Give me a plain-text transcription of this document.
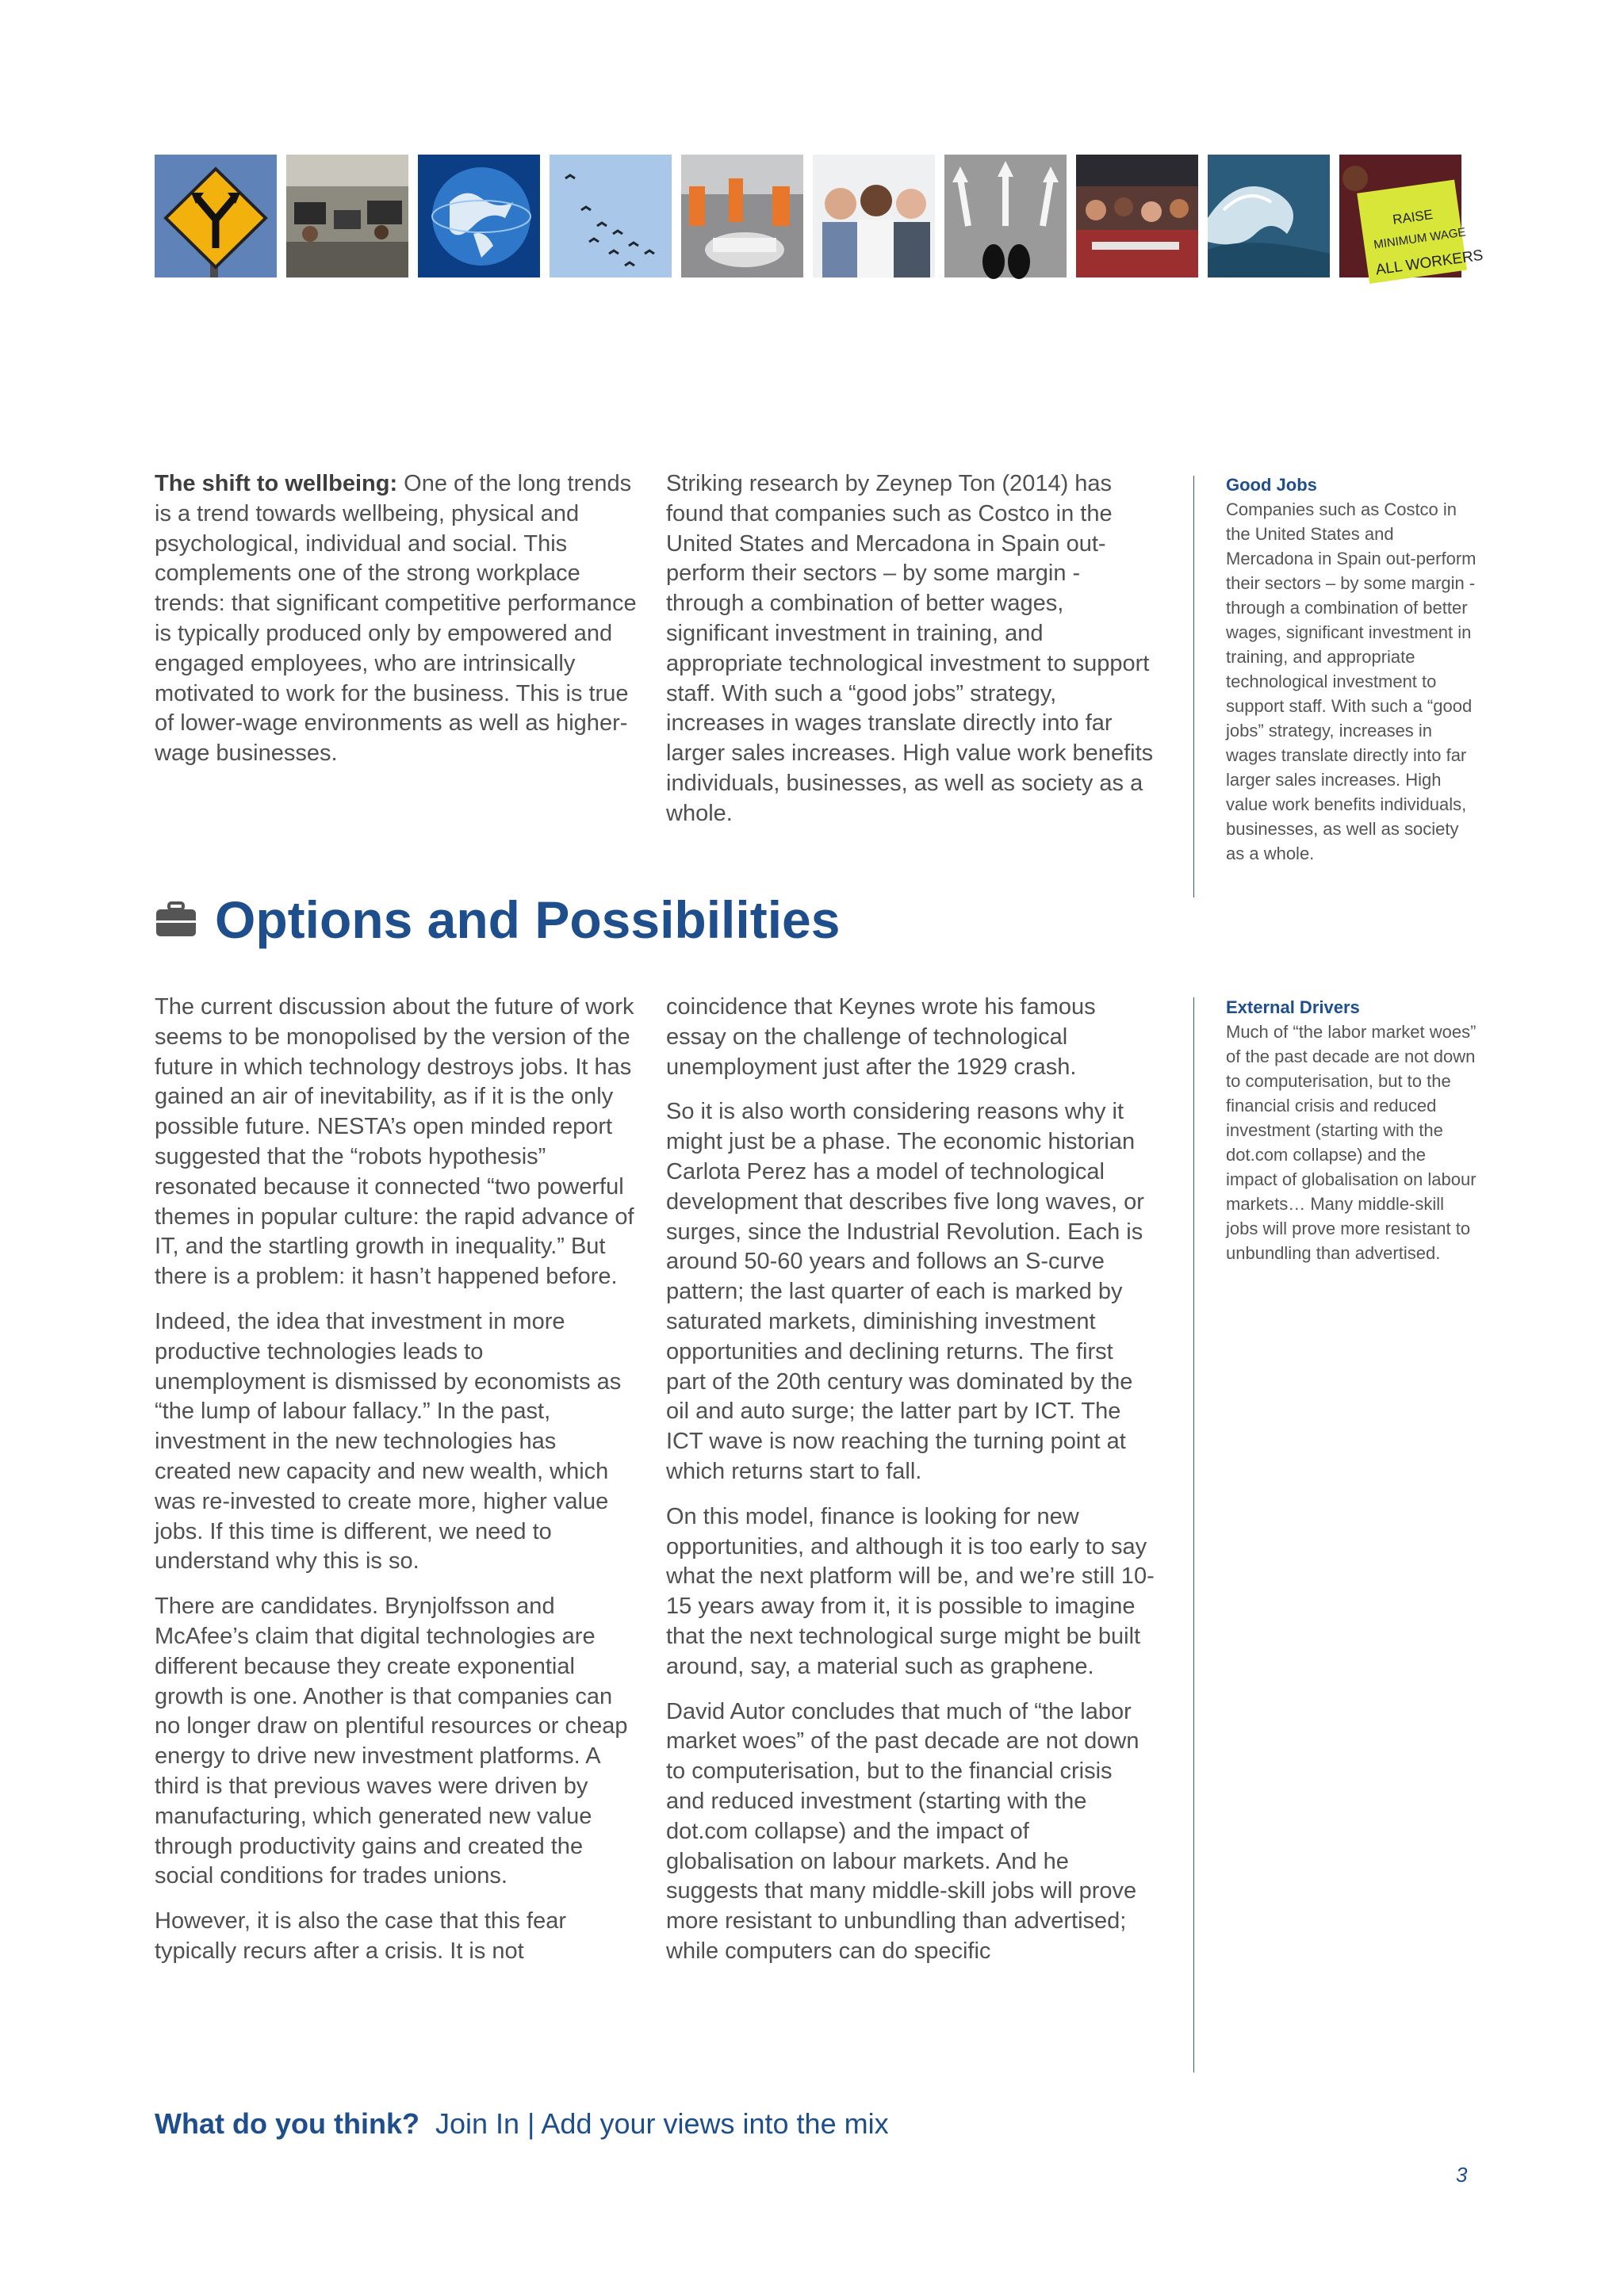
RAISE
MINIMUM WAGE
ALL WORKERS

The shift to wellbeing: One of the long trends is a trend towards wellbeing, physical and psychological, individual and social. This complements one of the strong workplace trends: that significant competitive performance is typically produced only by empowered and engaged employees, who are intrinsically motivated to work for the business. This is true of lower-wage environments as well as higher-wage businesses.

Striking research by Zeynep Ton (2014) has found that companies such as Costco in the United States and Mercadona in Spain out-perform their sectors – by some margin - through a combination of better wages, significant investment in training, and appropriate technological investment to support staff. With such a “good jobs” strategy, increases in wages translate directly into far larger sales increases. High value work benefits individuals, businesses, as well as society as a whole.

Good Jobs
Companies such as Costco in the United States and Mercadona in Spain out-perform their sectors – by some margin - through a combination of better wages, significant investment in training, and appropriate technological investment to support staff. With such a “good jobs” strategy, increases in wages translate directly into far larger sales increases. High value work benefits individuals, businesses, as well as society as a whole.
Options and Possibilities

The current discussion about the future of work seems to be monopolised by the version of the future in which technology destroys jobs. It has gained an air of inevitability, as if it is the only possible future. NESTA’s open minded report suggested that the “robots hypothesis” resonated because it connected “two powerful themes in popular culture: the rapid advance of IT, and the startling growth in inequality.” But there is a problem: it hasn’t happened before.

Indeed, the idea that investment in more productive technologies leads to unemployment is dismissed by economists as “the lump of labour fallacy.” In the past, investment in the new technologies has created new capacity and new wealth, which was re-invested to create more, higher value jobs. If this time is different, we need to understand why this is so.

There are candidates. Brynjolfsson and McAfee’s claim that digital technologies are different because they create exponential growth is one. Another is that companies can no longer draw on plentiful resources or cheap energy to drive new investment platforms. A third is that previous waves were driven by manufacturing, which generated new value through productivity gains and created the social conditions for trades unions.

However, it is also the case that this fear typically recurs after a crisis. It is not

coincidence that Keynes wrote his famous essay on the challenge of technological unemployment just after the 1929 crash.

So it is also worth considering reasons why it might just be a phase. The economic historian Carlota Perez has a model of technological development that describes five long waves, or surges, since the Industrial Revolution. Each is around 50-60 years and follows an S-curve pattern; the last quarter of each is marked by saturated markets, diminishing investment opportunities and declining returns. The first part of the 20th century was dominated by the oil and auto surge; the latter part by ICT. The ICT wave is now reaching the turning point at which returns start to fall.

On this model, finance is looking for new opportunities, and although it is too early to say what the next platform will be, and we’re still 10-15 years away from it, it is possible to imagine that the next technological surge might be built around, say, a material such as graphene.

David Autor concludes that much of “the labor market woes” of the past decade are not down to computerisation, but to the financial crisis and reduced investment (starting with the dot.com collapse) and the impact of globalisation on labour markets. And he suggests that many middle-skill jobs will prove more resistant to unbundling than advertised; while computers can do specific

External Drivers
Much of “the labor market woes” of the past decade are not down to computerisation, but to the financial crisis and reduced investment (starting with the dot.com collapse) and the impact of globalisation on labour markets… Many middle-skill jobs will prove more resistant to unbundling than advertised.
What do you think? Join In | Add your views into the mix
3
